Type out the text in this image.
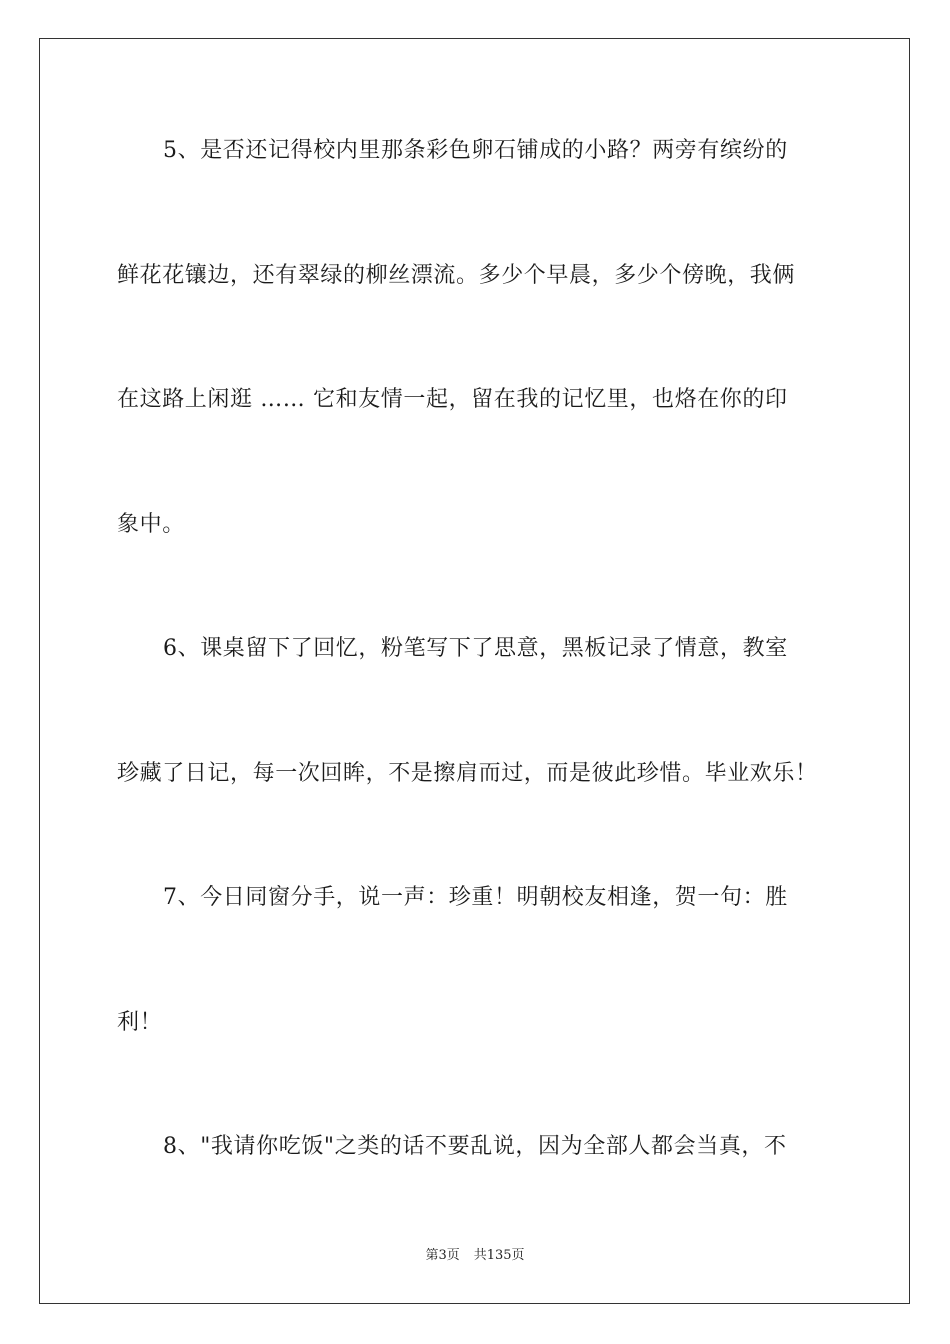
5、是否还记得校内里那条彩色卵石铺成的小路？两旁有缤纷的

鲜花花镶边，还有翠绿的柳丝漂流。多少个早晨，多少个傍晚，我俩

在这路上闲逛 …… 它和友情一起，留在我的记忆里，也烙在你的印

象中。

6、课桌留下了回忆，粉笔写下了思意，黑板记录了情意，教室

珍藏了日记，每一次回眸，不是擦肩而过，而是彼此珍惜。毕业欢乐！

7、今日同窗分手，说一声：珍重！明朝校友相逢，贺一句：胜

利！

8、"我请你吃饭"之类的话不要乱说，因为全部人都会当真，不

第3页 共135页
